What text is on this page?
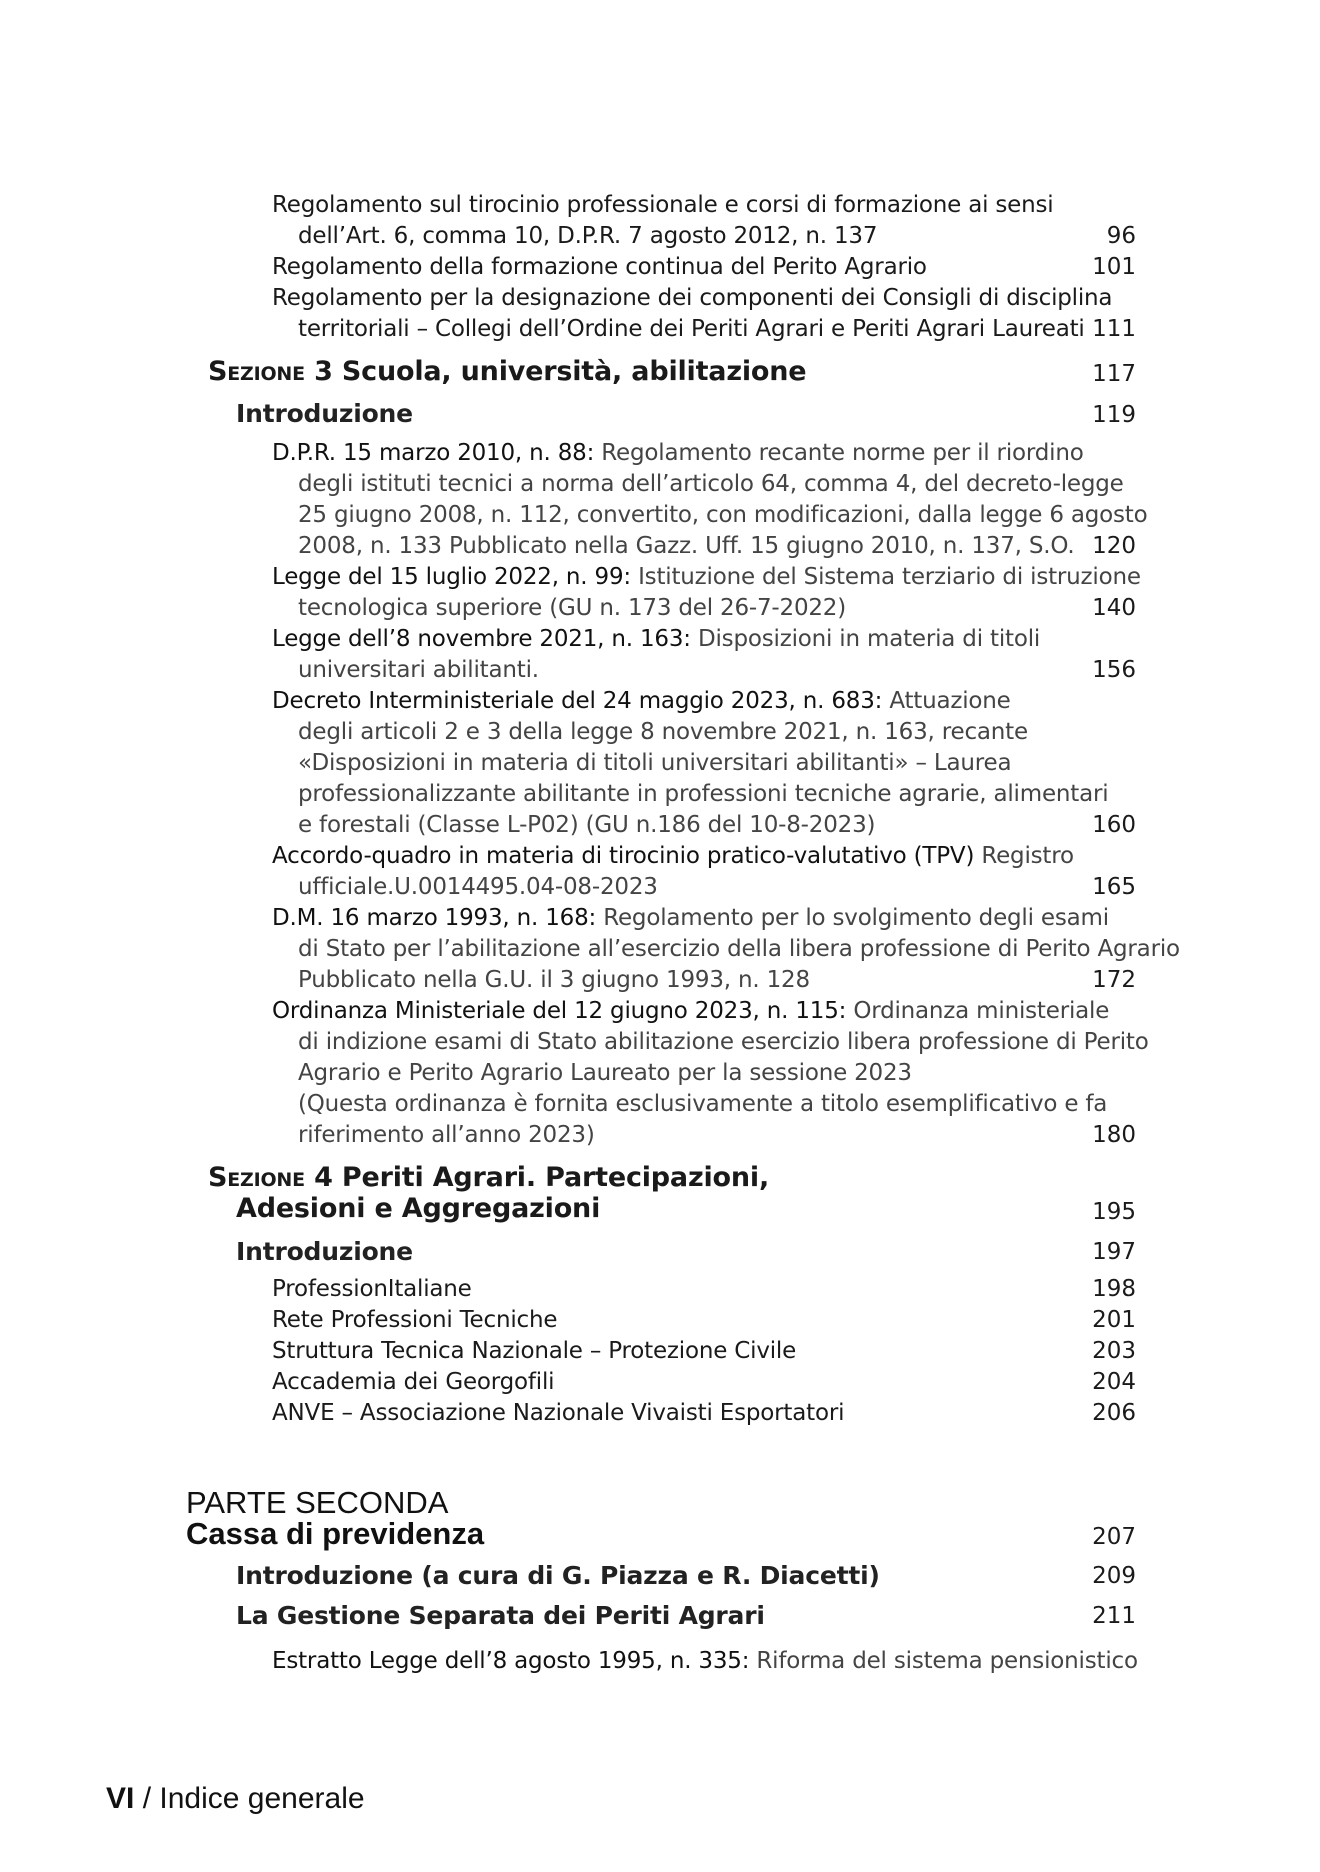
Regolamento sul tirocinio professionale e corsi di formazione ai sensi
dell’Art. 6, comma 10, D.P.R. 7 agosto 2012, n. 137	96
Regolamento della formazione continua del Perito Agrario	101
Regolamento per la designazione dei componenti dei Consigli di disciplina
territoriali – Collegi dell’Ordine dei Periti Agrari e Periti Agrari Laureati 111
Sezione 3 Scuola, università, abilitazione	117
Introduzione	119
D.P.R. 15 marzo 2010, n. 88: Regolamento recante norme per il riordino
degli istituti tecnici a norma dell’articolo 64, comma 4, del decreto-legge
25 giugno 2008, n. 112, convertito, con modificazioni, dalla legge 6 agosto
2008, n. 133 Pubblicato nella Gazz. Uff. 15 giugno 2010, n. 137, S.O. 120
Legge del 15 luglio 2022, n. 99: Istituzione del Sistema terziario di istruzione
tecnologica superiore (GU n. 173 del 26-7-2022)	140
Legge dell’8 novembre 2021, n. 163: Disposizioni in materia di titoli
universitari abilitanti.	156
Decreto Interministeriale del 24 maggio 2023, n. 683: Attuazione
degli articoli 2 e 3 della legge 8 novembre 2021, n. 163, recante
«Disposizioni in materia di titoli universitari abilitanti» – Laurea
professionalizzante abilitante in professioni tecniche agrarie, alimentari
e forestali (Classe L-P02) (GU n.186 del 10-8-2023)	160
Accordo-quadro in materia di tirocinio pratico-valutativo (TPV) Registro
ufficiale.U.0014495.04-08-2023	165
D.M. 16 marzo 1993, n. 168: Regolamento per lo svolgimento degli esami
di Stato per l’abilitazione all’esercizio della libera professione di Perito Agrario
Pubblicato nella G.U. il 3 giugno 1993, n. 128	172
Ordinanza Ministeriale del 12 giugno 2023, n. 115: Ordinanza ministeriale
di indizione esami di Stato abilitazione esercizio libera professione di Perito
Agrario e Perito Agrario Laureato per la sessione 2023
(Questa ordinanza è fornita esclusivamente a titolo esemplificativo e fa
riferimento all’anno 2023)	180
Sezione 4 Periti Agrari. Partecipazioni,
Adesioni e Aggregazioni	195
Introduzione	197
ProfessionItaliane	198
Rete Professioni Tecniche	201
Struttura Tecnica Nazionale – Protezione Civile	203
Accademia dei Georgofili	204
ANVE – Associazione Nazionale Vivaisti Esportatori	206
PARTE SECONDA
Cassa di previdenza	207
Introduzione (a cura di G. Piazza e R. Diacetti)	209
La Gestione Separata dei Periti Agrari	211
Estratto Legge dell’8 agosto 1995, n. 335: Riforma del sistema pensionistico
VI / Indice generale
